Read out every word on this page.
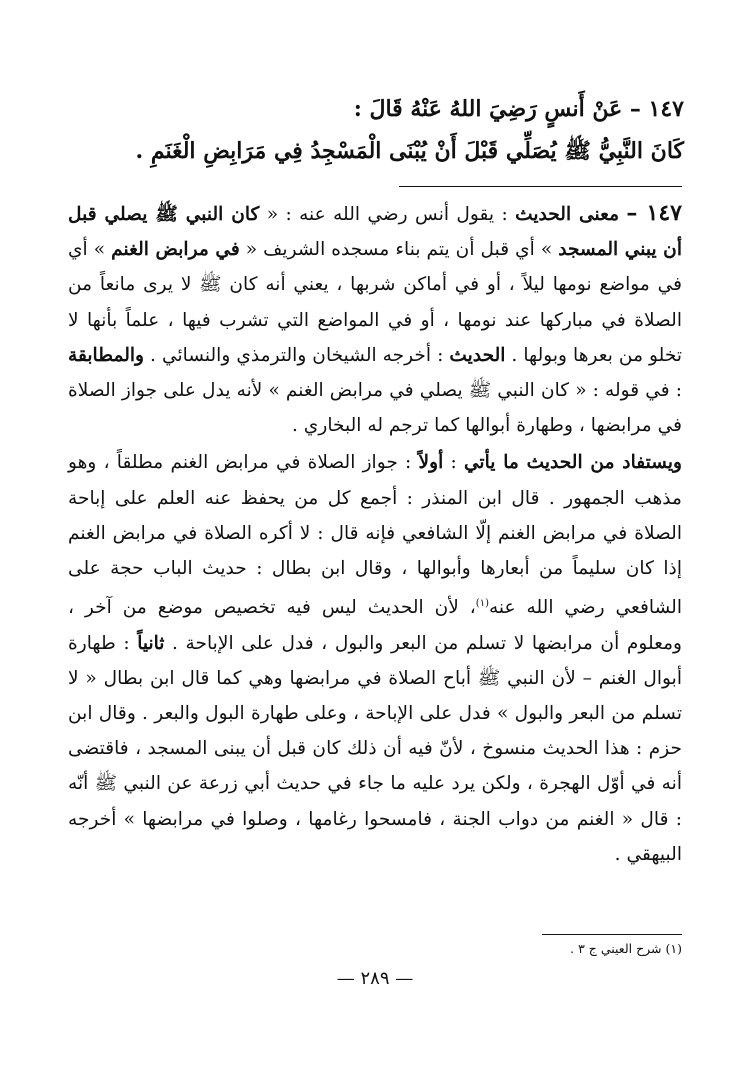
١٤٧ – عَنْ أَنسٍ رَضِيَ اللهُ عَنْهُ قَالَ :

كَانَ النَّبِيُّ ﷺ يُصَلِّي قَبْلَ أَنْ يُبْنَى الْمَسْجِدُ فِي مَرَابِضِ الْغَنَمِ .

١٤٧ – معنى الحديث : يقول أنس رضي الله عنه : « كان النبي ﷺ يصلي قبل أن يبني المسجد » أي قبل أن يتم بناء مسجده الشريف « في مرابض الغنم » أي في مواضع نومها ليلاً ، أو في أماكن شربها ، يعني أنه كان ﷺ لا يرى مانعاً من الصلاة في مباركها عند نومها ، أو في المواضع التي تشرب فيها ، علماً بأنها لا تخلو من بعرها وبولها . الحديث : أخرجه الشيخان والترمذي والنسائي . والمطابقة : في قوله : « كان النبي ﷺ يصلي في مرابض الغنم » لأنه يدل على جواز الصلاة في مرابضها ، وطهارة أبوالها كما ترجم له البخاري .

ويستفاد من الحديث ما يأتي : أولاً : جواز الصلاة في مرابض الغنم مطلقاً ، وهو مذهب الجمهور . قال ابن المنذر : أجمع كل من يحفظ عنه العلم على إباحة الصلاة في مرابض الغنم إلّا الشافعي فإنه قال : لا أكره الصلاة في مرابض الغنم إذا كان سليماً من أبعارها وأبوالها ، وقال ابن بطال : حديث الباب حجة على الشافعي رضي الله عنه$^{(١)}$، لأن الحديث ليس فيه تخصيص موضع من آخر ، ومعلوم أن مرابضها لا تسلم من البعر والبول ، فدل على الإباحة . ثانياً : طهارة أبوال الغنم – لأن النبي ﷺ أباح الصلاة في مرابضها وهي كما قال ابن بطال « لا تسلم من البعر والبول » فدل على الإباحة ، وعلى طهارة البول والبعر . وقال ابن حزم : هذا الحديث منسوخ ، لأنّ فيه أن ذلك كان قبل أن يبنى المسجد ، فاقتضى أنه في أوّل الهجرة ، ولكن يرد عليه ما جاء في حديث أبي زرعة عن النبي ﷺ أنّه : قال « الغنم من دواب الجنة ، فامسحوا رغامها ، وصلوا في مرابضها » أخرجه البيهقي .

(١) شرح العيني ج ٣ .
— ٢٨٩ —
